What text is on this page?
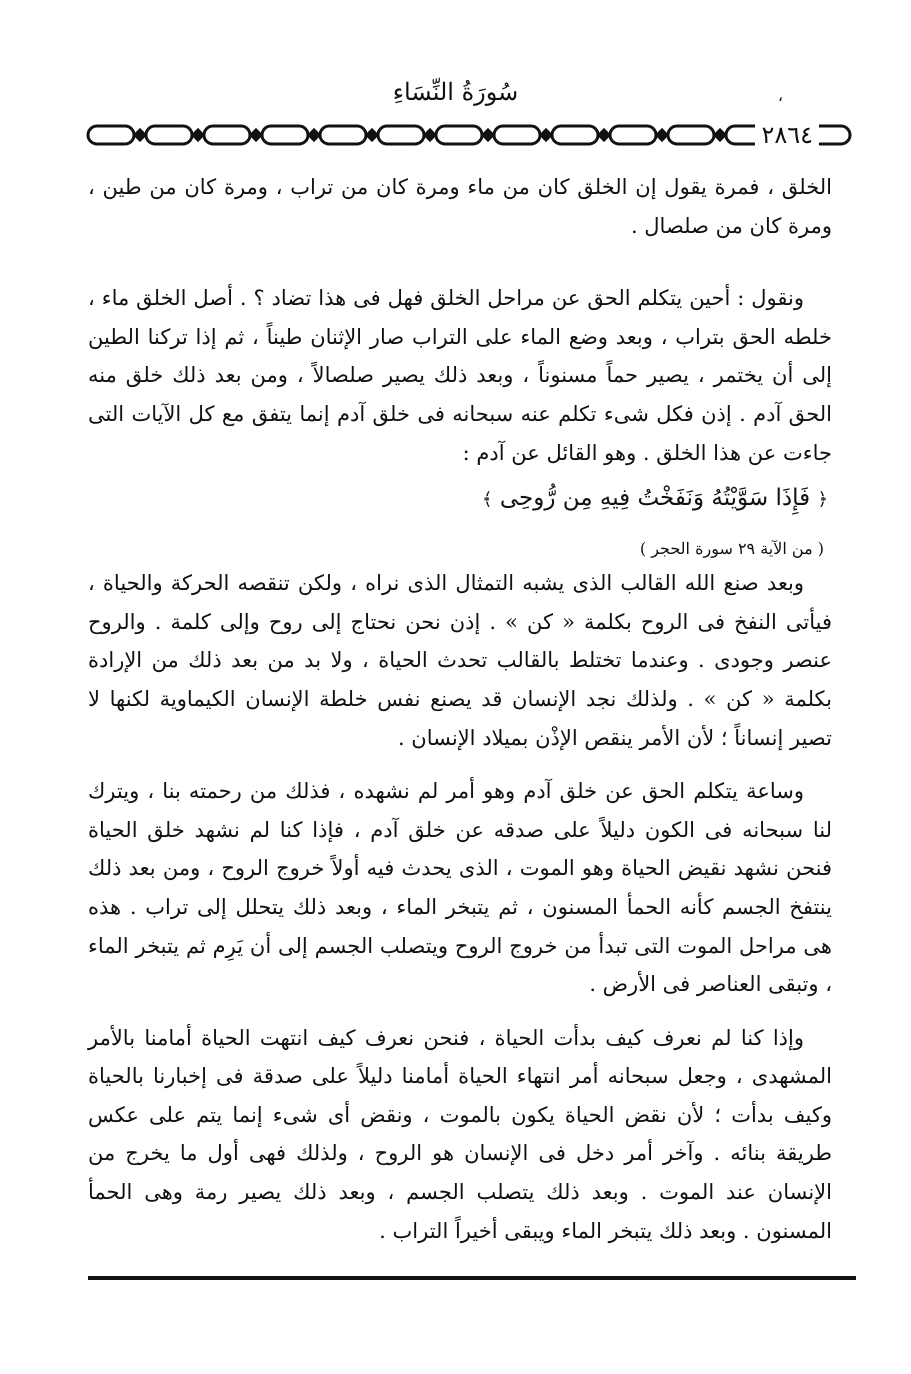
سُورَةُ النِّسَاءِ	،
٢٨٦٤

الخلق ، فمرة يقول إن الخلق كان من ماء ومرة كان من تراب ، ومرة كان من طين ، ومرة كان من صلصال .

ونقول : أحين يتكلم الحق عن مراحل الخلق فهل فى هذا تضاد ؟ . أصل الخلق ماء ، خلطه الحق بتراب ، وبعد وضع الماء على التراب صار الإثنان طيناً ، ثم إذا تركنا الطين إلى أن يختمر ، يصير حماً مسنوناً ، وبعد ذلك يصير صلصالاً ، ومن بعد ذلك خلق منه الحق آدم . إذن فكل شىء تكلم عنه سبحانه فى خلق آدم إنما يتفق مع كل الآيات التى جاءت عن هذا الخلق . وهو القائل عن آدم :

﴿ فَإِذَا سَوَّيْتُهُ وَنَفَخْتُ فِيهِ مِن رُّوحِى ﴾
( من الآية ٢٩ سورة الحجر )

وبعد صنع الله القالب الذى يشبه التمثال الذى نراه ، ولكن تنقصه الحركة والحياة ، فيأتى النفخ فى الروح بكلمة « كن » . إذن نحن نحتاج إلى روح وإلى كلمة . والروح عنصر وجودى . وعندما تختلط بالقالب تحدث الحياة ، ولا بد من بعد ذلك من الإرادة بكلمة « كن » . ولذلك نجد الإنسان قد يصنع نفس خلطة الإنسان الكيماوية لكنها لا تصير إنساناً ؛ لأن الأمر ينقص الإذْن بميلاد الإنسان .

وساعة يتكلم الحق عن خلق آدم وهو أمر لم نشهده ، فذلك من رحمته بنا ، ويترك لنا سبحانه فى الكون دليلاً على صدقه عن خلق آدم ، فإذا كنا لم نشهد خلق الحياة فنحن نشهد نقيض الحياة وهو الموت ، الذى يحدث فيه أولاً خروج الروح ، ومن بعد ذلك ينتفخ الجسم كأنه الحمأ المسنون ، ثم يتبخر الماء ، وبعد ذلك يتحلل إلى تراب . هذه هى مراحل الموت التى تبدأ من خروج الروح ويتصلب الجسم إلى أن يَرِم ثم يتبخر الماء ، وتبقى العناصر فى الأرض .

وإذا كنا لم نعرف كيف بدأت الحياة ، فنحن نعرف كيف انتهت الحياة أمامنا بالأمر المشهدى ، وجعل سبحانه أمر انتهاء الحياة أمامنا دليلاً على صدقة فى إخبارنا بالحياة وكيف بدأت ؛ لأن نقض الحياة يكون بالموت ، ونقض أى شىء إنما يتم على عكس طريقة بنائه . وآخر أمر دخل فى الإنسان هو الروح ، ولذلك فهى أول ما يخرج من الإنسان عند الموت . وبعد ذلك يتصلب الجسم ، وبعد ذلك يصير رمة وهى الحمأ المسنون . وبعد ذلك يتبخر الماء ويبقى أخيراً التراب .
